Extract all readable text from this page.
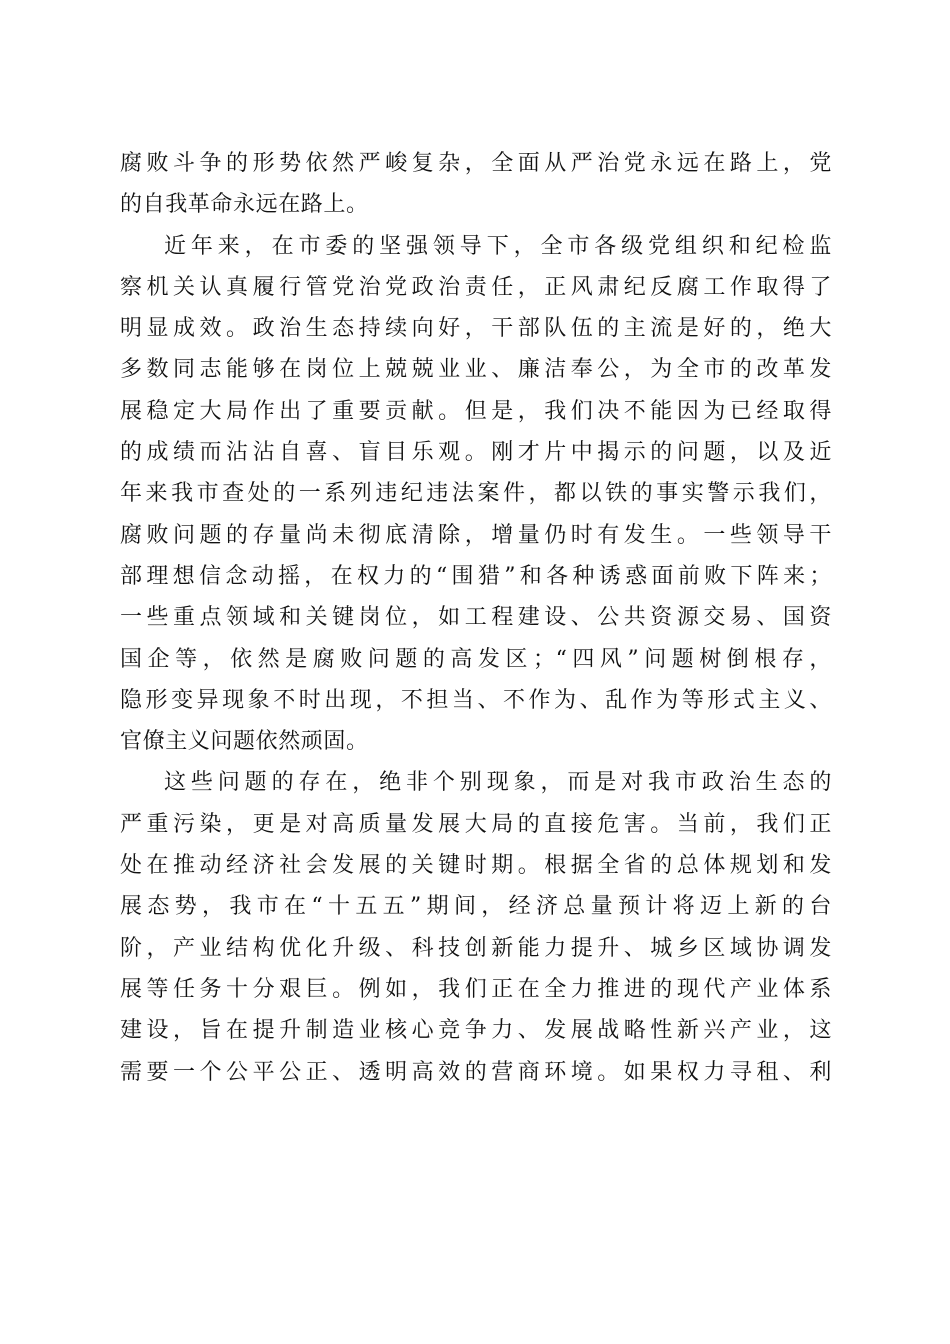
腐败斗争的形势依然严峻复杂，全面从严治党永远在路上，党
的自我革命永远在路上。
近年来，在市委的坚强领导下，全市各级党组织和纪检监
察机关认真履行管党治党政治责任，正风肃纪反腐工作取得了
明显成效。政治生态持续向好，干部队伍的主流是好的，绝大
多数同志能够在岗位上兢兢业业、廉洁奉公，为全市的改革发
展稳定大局作出了重要贡献。但是，我们决不能因为已经取得
的成绩而沾沾自喜、盲目乐观。刚才片中揭示的问题，以及近
年来我市查处的一系列违纪违法案件，都以铁的事实警示我们，
腐败问题的存量尚未彻底清除，增量仍时有发生。一些领导干
部理想信念动摇，在权力的“围猎”和各种诱惑面前败下阵来；
一些重点领域和关键岗位，如工程建设、公共资源交易、国资
国企等，依然是腐败问题的高发区；“四风”问题树倒根存，
隐形变异现象不时出现，不担当、不作为、乱作为等形式主义、
官僚主义问题依然顽固。
这些问题的存在，绝非个别现象，而是对我市政治生态的
严重污染，更是对高质量发展大局的直接危害。当前，我们正
处在推动经济社会发展的关键时期。根据全省的总体规划和发
展态势，我市在“十五五”期间，经济总量预计将迈上新的台
阶，产业结构优化升级、科技创新能力提升、城乡区域协调发
展等任务十分艰巨。例如，我们正在全力推进的现代产业体系
建设，旨在提升制造业核心竞争力、发展战略性新兴产业，这
需要一个公平公正、透明高效的营商环境。如果权力寻租、利
